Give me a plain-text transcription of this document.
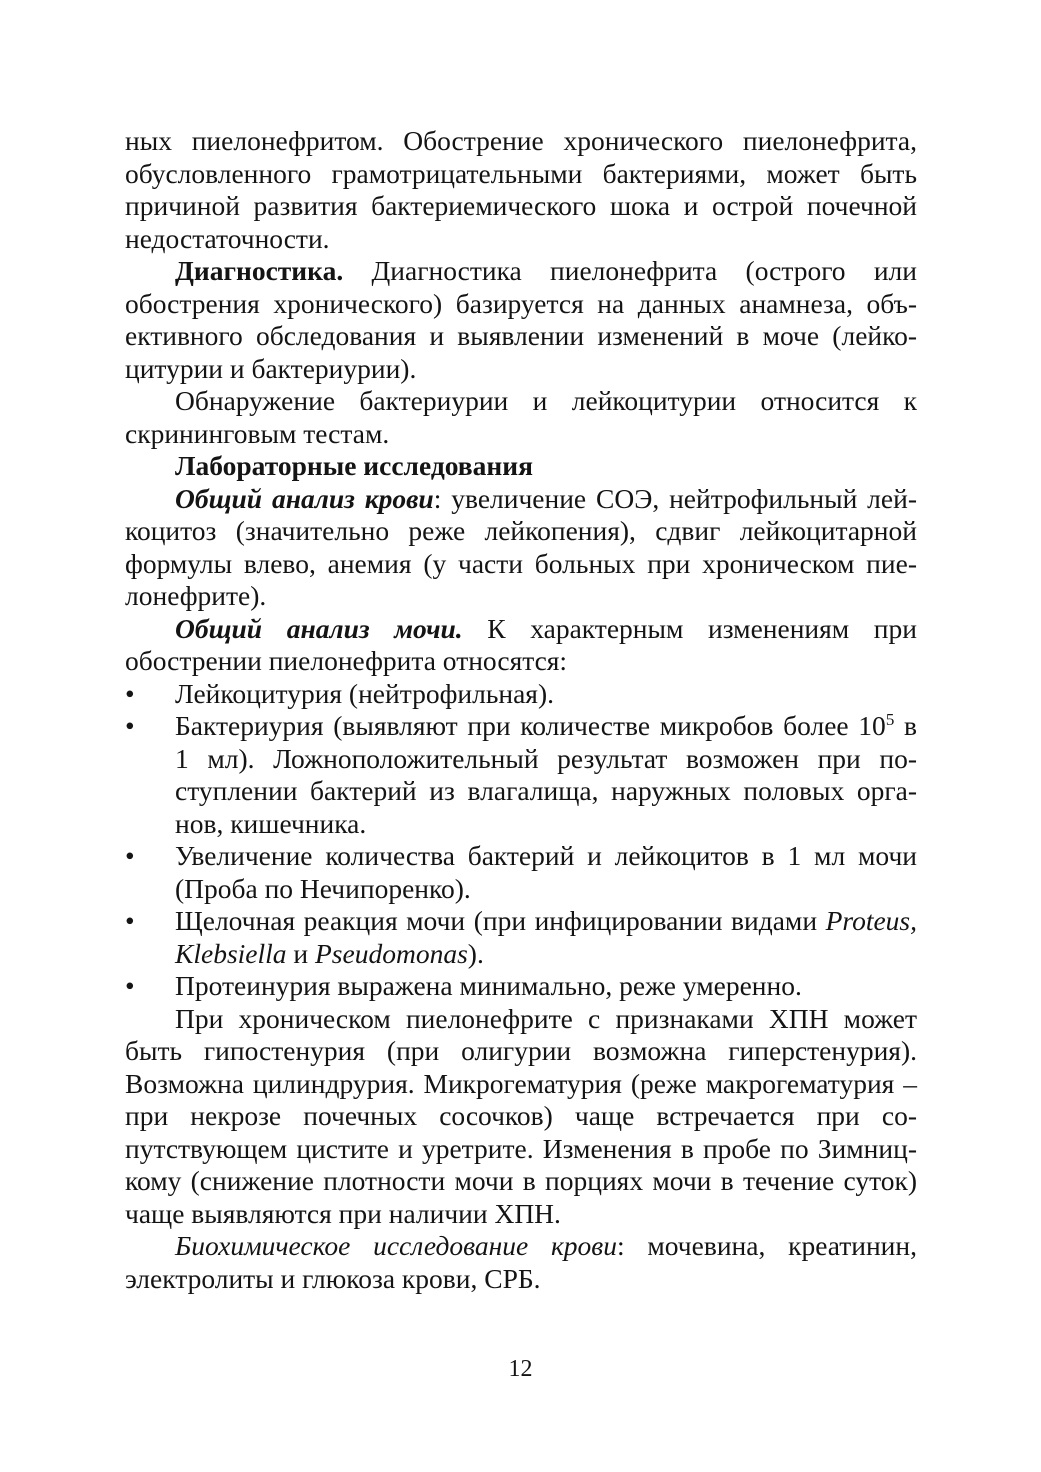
ных пиелонефритом. Обострение хронического пиелонефрита, обусловленного грамотрицательными бактериями, может быть причиной развития бактериемического шока и острой почечной недостаточности.

Диагностика. Диагностика пиелонефрита (острого или обострения хронического) базируется на данных анамнеза, объективного обследования и выявлении изменений в моче (лейкоцитурии и бактериурии).

Обнаружение бактериурии и лейкоцитурии относится к скрининговым тестам.

Лабораторные исследования

Общий анализ крови: увеличение СОЭ, нейтрофильный лейкоцитоз (значительно реже лейкопения), сдвиг лейкоцитарной формулы влево, анемия (у части больных при хроническом пиелонефрите).

Общий анализ мочи. К характерным изменениям при обострении пиелонефрита относятся:

•	Лейкоцитурия (нейтрофильная).
•	Бактериурия (выявляют при количестве микробов более $10^5$ в 1 мл). Ложноположительный результат возможен при поступлении бактерий из влагалища, наружных половых органов, кишечника.
•	Увеличение количества бактерий и лейкоцитов в 1 мл мочи (Проба по Нечипоренко).
•	Щелочная реакция мочи (при инфицировании видами Proteus, Klebsiella и Pseudomonas).
•	Протеинурия выражена минимально, реже умеренно.

При хроническом пиелонефрите с признаками ХПН может быть гипостенурия (при олигурии возможна гиперстенурия). Возможна цилиндрурия. Микрогематурия (реже макрогематурия – при некрозе почечных сосочков) чаще встречается при сопутствующем цистите и уретрите. Изменения в пробе по Зимницкому (снижение плотности мочи в порциях мочи в течение суток) чаще выявляются при наличии ХПН.

Биохимическое исследование крови: мочевина, креатинин, электролиты и глюкоза крови, СРБ.

12
